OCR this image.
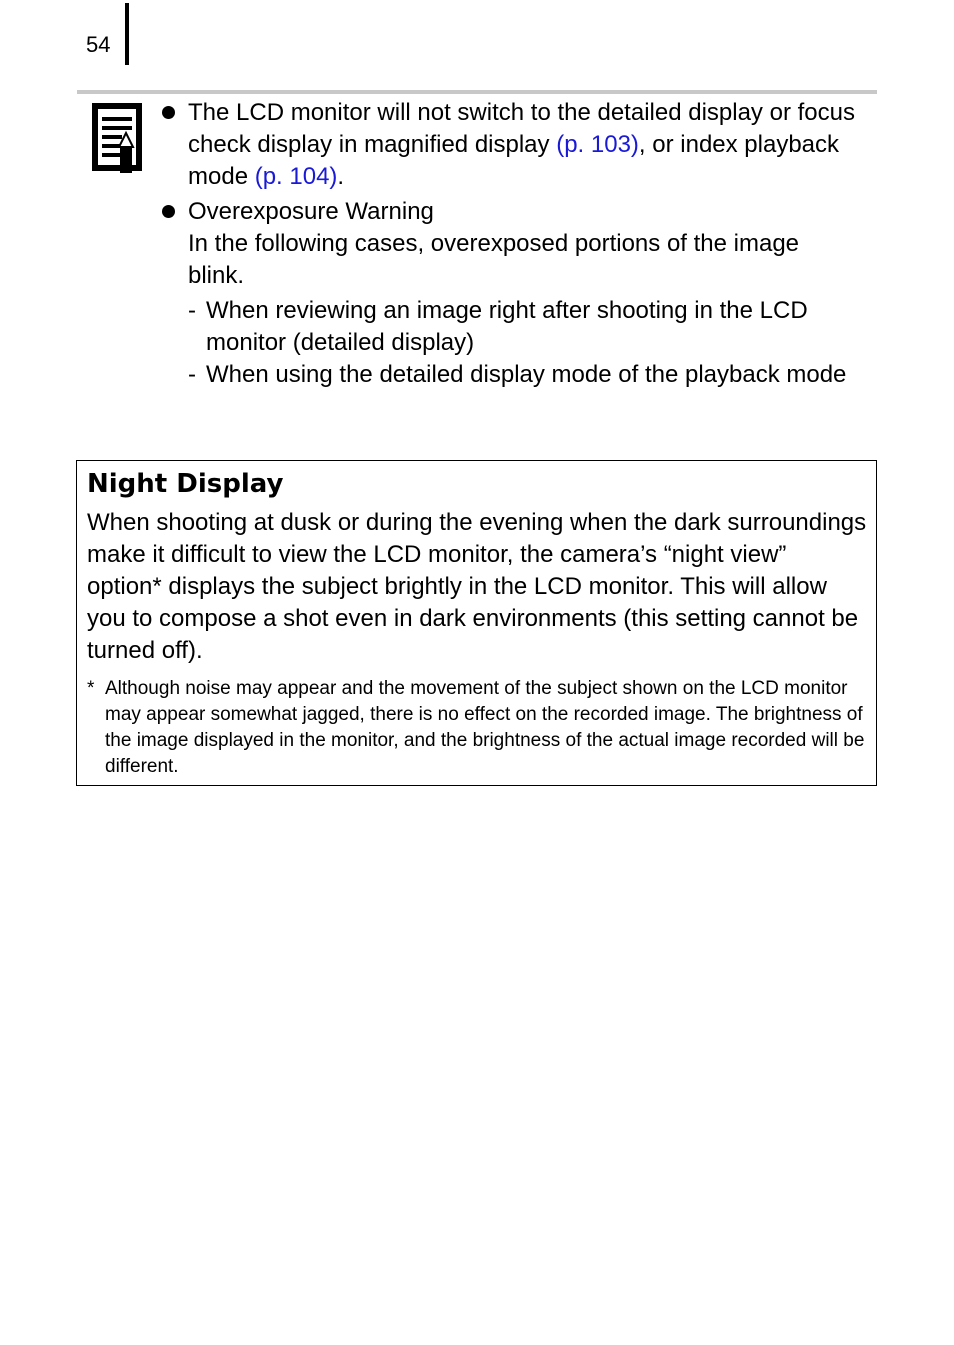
54
The LCD monitor will not switch to the detailed display or focus check display in magnified display (p. 103), or index playback mode (p. 104).
Overexposure Warning
In the following cases, overexposed portions of the image blink.
- When reviewing an image right after shooting in the LCD monitor (detailed display)
- When using the detailed display mode of the playback mode
Night Display
When shooting at dusk or during the evening when the dark surroundings make it difficult to view the LCD monitor, the camera’s “night view” option* displays the subject brightly in the LCD monitor. This will allow you to compose a shot even in dark environments (this setting cannot be turned off).
* Although noise may appear and the movement of the subject shown on the LCD monitor may appear somewhat jagged, there is no effect on the recorded image. The brightness of the image displayed in the monitor, and the brightness of the actual image recorded will be different.
